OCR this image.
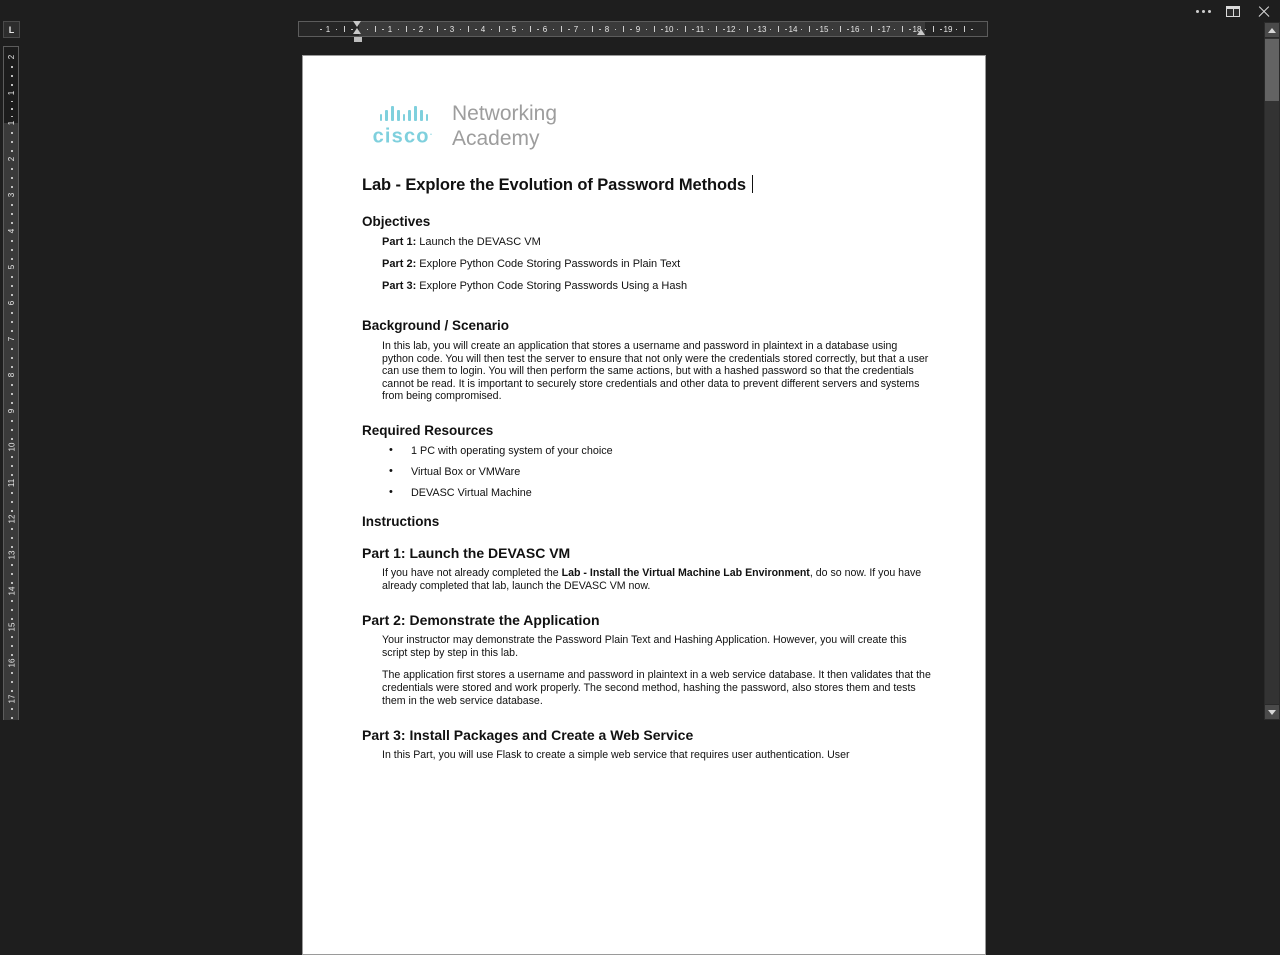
L	1	1	2	3	4	5	6	7	8	9	10	11	12	13	14	15	16	17	18	19
2
1
1
2
3
4
5
6
7
8
9
10
11
12
13
14
15
16
17
cisco.
Networking
Academy
Lab - Explore the Evolution of Password Methods
Objectives
Part 1: Launch the DEVASC VM
Part 2: Explore Python Code Storing Passwords in Plain Text
Part 3: Explore Python Code Storing Passwords Using a Hash
Background / Scenario

In this lab, you will create an application that stores a username and password in plaintext in a database using python code. You will then test the server to ensure that not only were the credentials stored correctly, but that a user can use them to login. You will then perform the same actions, but with a hashed password so that the credentials cannot be read. It is important to securely store credentials and other data to prevent different servers and systems from being compromised.

Required Resources
• 1 PC with operating system of your choice
• Virtual Box or VMWare
• DEVASC Virtual Machine
Instructions
Part 1: Launch the DEVASC VM

If you have not already completed the Lab - Install the Virtual Machine Lab Environment, do so now. If you have already completed that lab, launch the DEVASC VM now.

Part 2: Demonstrate the Application

Your instructor may demonstrate the Password Plain Text and Hashing Application. However, you will create this script step by step in this lab.

The application first stores a username and password in plaintext in a web service database. It then validates that the credentials were stored and work properly. The second method, hashing the password, also stores them and tests them in the web service database.

Part 3: Install Packages and Create a Web Service

In this Part, you will use Flask to create a simple web service that requires user authentication. User
